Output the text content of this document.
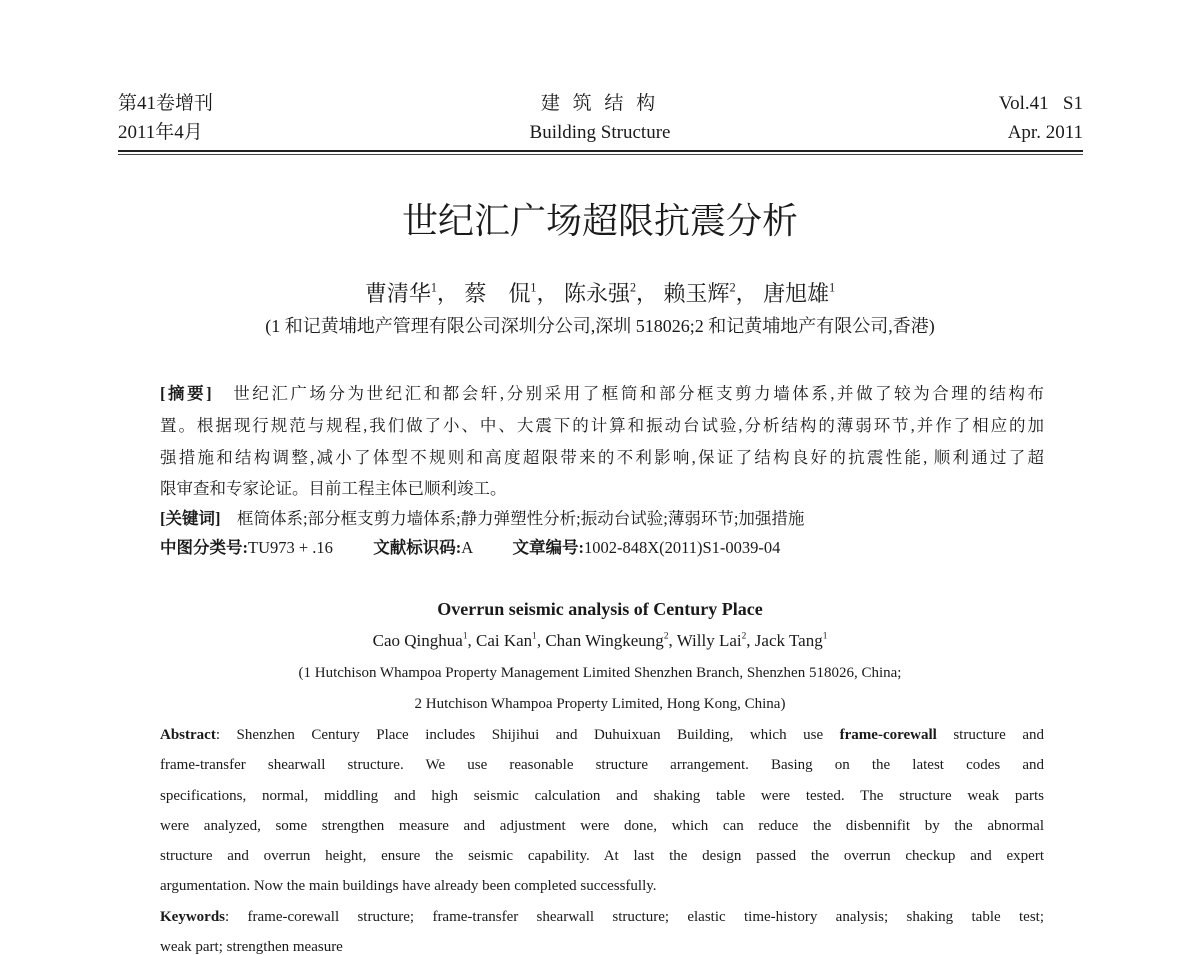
第41卷增刊
2011年4月
建 筑 结 构
Building Structure
Vol.41   S1
Apr. 2011
世纪汇广场超限抗震分析
曹清华$^1$， 蔡　侃$^1$， 陈永强$^2$， 赖玉辉$^2$， 唐旭雄$^1$
(1 和记黄埔地产管理有限公司深圳分公司,深圳 518026;2 和记黄埔地产有限公司,香港)
[摘要]　 世纪汇广场分为世纪汇和都会轩,分别采用了框筒和部分框支剪力墙体系,并做了较为合理的结构布
置。根据现行规范与规程,我们做了小、中、大震下的计算和振动台试验,分析结构的薄弱环节,并作了相应的加
强措施和结构调整,减小了体型不规则和高度超限带来的不利影响,保证了结构良好的抗震性能, 顺利通过了超
限审查和专家论证。目前工程主体已顺利竣工。
[关键词]　 框筒体系;部分框支剪力墙体系;静力弹塑性分析;振动台试验;薄弱环节;加强措施
中图分类号:TU973 + .16 文献标识码:A 文章编号:1002-848X(2011)S1-0039-04
Overrun seismic analysis of Century Place
Cao Qinghua$^1$, Cai Kan$^1$, Chan Wingkeung$^2$, Willy Lai$^2$, Jack Tang$^1$
(1 Hutchison Whampoa Property Management Limited Shenzhen Branch, Shenzhen 518026, China;
2 Hutchison Whampoa Property Limited, Hong Kong, China)
Abstract: Shenzhen Century Place includes Shijihui and Duhuixuan Building, which use frame-corewall structure and
frame-transfer shearwall structure. We use reasonable structure arrangement. Basing on the latest codes and
specifications, normal, middling and high seismic calculation and shaking table were tested. The structure weak parts
were analyzed, some strengthen measure and adjustment were done, which can reduce the disbennifit by the abnormal
structure and overrun height, ensure the seismic capability. At last the design passed the overrun checkup and expert
argumentation. Now the main buildings have already been completed successfully.
Keywords: frame-corewall structure; frame-transfer shearwall structure; elastic time-history analysis; shaking table test;
weak part; strengthen measure
